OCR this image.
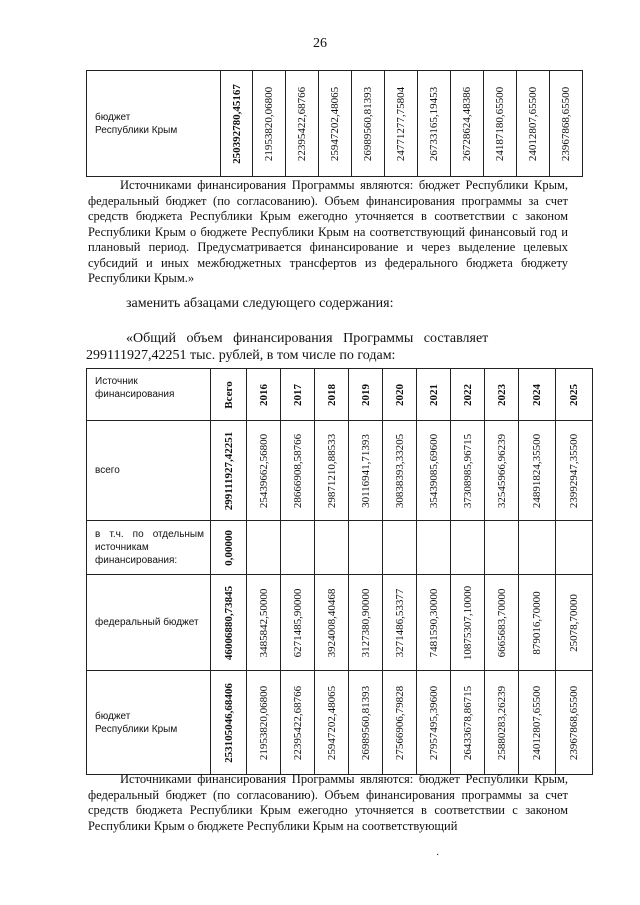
26
бюджет
Республики Крым	250392780,45167	21953820,06800	22395422,68766	25947202,48065	26989560,81393	24771277,75804	26733165,19453	26728624,48386	24187180,65500	24012807,65500	23967868,65500
Источниками финансирования Программы являются: бюджет Республики Крым, федеральный бюджет (по согласованию). Объем финансирования программы за счет средств бюджета Республики Крым ежегодно уточняется в соответствии с законом Республики Крым о бюджете Республики Крым на соответствующий финансовый год и плановый период. Предусматривается финансирование и через выделение целевых субсидий и иных межбюджетных трансфертов из федерального бюджета бюджету Республики Крым.»
заменить абзацами следующего содержания:
«Общий   объем   финансирования   Программы   составляет
299111927,42251 тыс. рублей, в том числе по годам:
Источник финансирования	Всего	2016	2017	2018	2019	2020	2021	2022	2023	2024	2025

всего	299111927,42251	25439662,56800	28666908,58766	29871210,88533	30116941,71393	30838393,33205	35439085,69600	37308985,96715	32545966,96239	24891824,35500	23992947,35500

в т.ч. по отдельным источникам финансирования:	0,00000										

федеральный бюджет	46006880,73845	3485842,50000	6271485,90000	3924008,40468	3127380,90000	3271486,53377	7481590,30000	10875307,10000	6665683,70000	879016,70000	25078,70000

бюджет
Республики Крым	253105046,68406	21953820,06800	22395422,68766	25947202,48065	26989560,81393	27566906,79828	27957495,39600	26433678,86715	25880283,26239	24012807,65500	23967868,65500
Источниками финансирования Программы являются: бюджет Республики Крым, федеральный бюджет (по согласованию). Объем финансирования программы за счет средств бюджета Республики Крым ежегодно уточняется в соответствии с законом Республики Крым о бюджете Республики Крым на соответствующий
·
